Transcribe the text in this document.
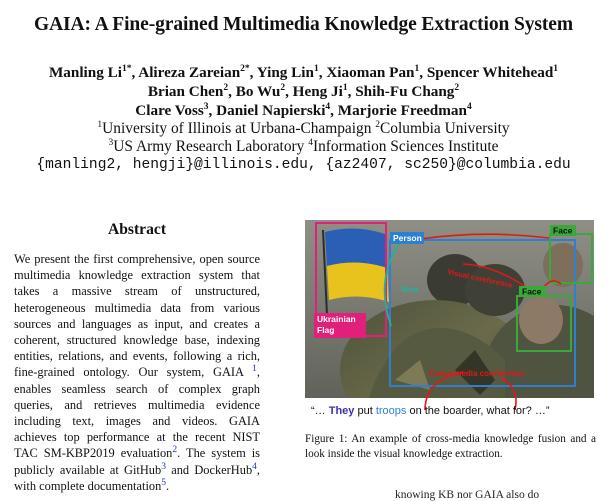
GAIA: A Fine-grained Multimedia Knowledge Extraction System
Manling $Li^{1*}$, Alireza Zareian$^{2*}$, Ying Lin$^1$, Xiaoman Pan$^1$, Spencer Whitehead$^1$
Brian Chen$^2$, Bo Wu$^2$, Heng Ji$^1$, Shih-Fu Chang$^2$
Clare Voss$^3$, Daniel Napierski$^4$, Marjorie Freedman$^4$
$^1$University of Illinois at Urbana-Champaign $^2$Columbia University
$^3$US Army Research Laboratory $^4$Information Sciences Institute
{manling2, hengji}@illinois.edu, {az2407, sc250}@columbia.edu
Abstract
We present the first comprehensive, open source multimedia knowledge extraction system that takes a massive stream of unstructured, heterogeneous multimedia data from various sources and languages as input, and creates a coherent, structured knowledge base, indexing entities, relations, and events, following a rich, fine-grained ontology. Our system, GAIA $^1$, enables seamless search of complex graph queries, and retrieves multimedia evidence including text, images and videos. GAIA achieves top performance at the recent NIST TAC SM-KBP2019 evaluation$^2$. The system is publicly available at GitHub$^3$ and DockerHub$^4$, with complete documentation$^5$.
Person
Face
Face
Visual coreference
Near
Ukrainian Flag
Cross-media coreference
“… They put troops on the boarder, what for? …”
Figure 1: An example of cross-media knowledge fusion and a look inside the visual knowledge extraction.
knowing KB nor GAIA also do
